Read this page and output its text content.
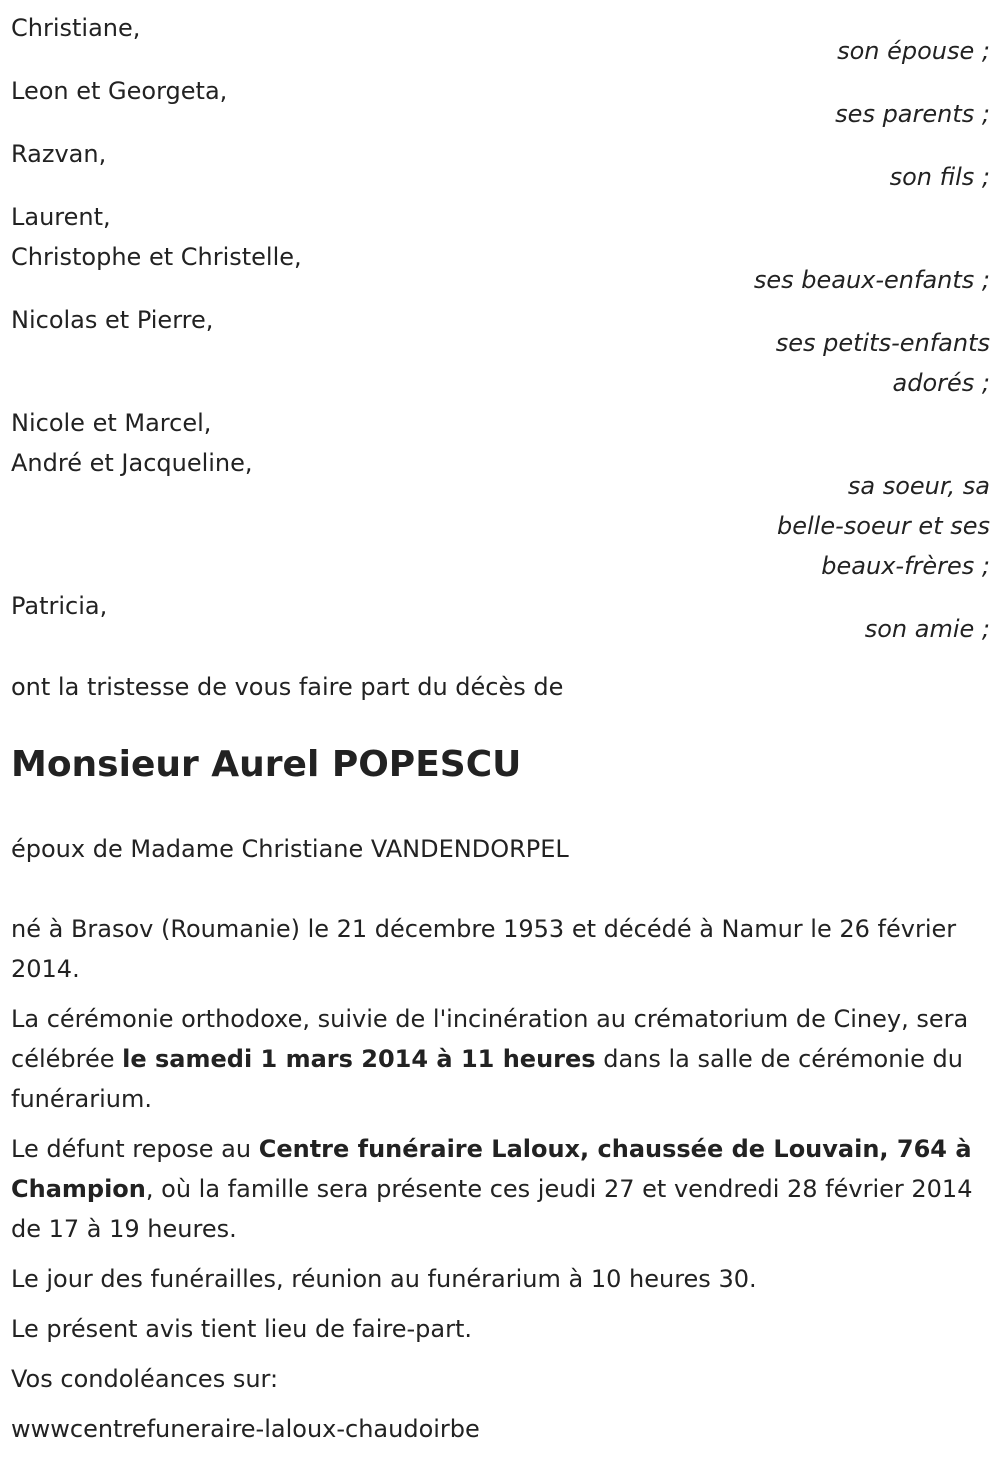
Christiane,
son épouse ;
Leon et Georgeta,
ses parents ;
Razvan,
son fils ;
Laurent,
Christophe et Christelle,
ses beaux-enfants ;
Nicolas et Pierre,
ses petits-enfants
adorés ;
Nicole et Marcel,
André et Jacqueline,
sa soeur, sa
belle-soeur et ses
beaux-frères ;
Patricia,
son amie ;
ont la tristesse de vous faire part du décès de
Monsieur Aurel POPESCU
époux de Madame Christiane VANDENDORPEL
né à Brasov (Roumanie) le 21 décembre 1953 et décédé à Namur le 26 février 2014.
La cérémonie orthodoxe, suivie de l'incinération au crématorium de Ciney, sera célébrée le samedi 1 mars 2014 à 11 heures dans la salle de cérémonie du funérarium.
Le défunt repose au Centre funéraire Laloux, chaussée de Louvain, 764 à Champion, où la famille sera présente ces jeudi 27 et vendredi 28 février 2014 de 17 à 19 heures.
Le jour des funérailles, réunion au funérarium à 10 heures 30.
Le présent avis tient lieu de faire-part.
Vos condoléances sur:
wwwcentrefuneraire-laloux-chaudoirbe
